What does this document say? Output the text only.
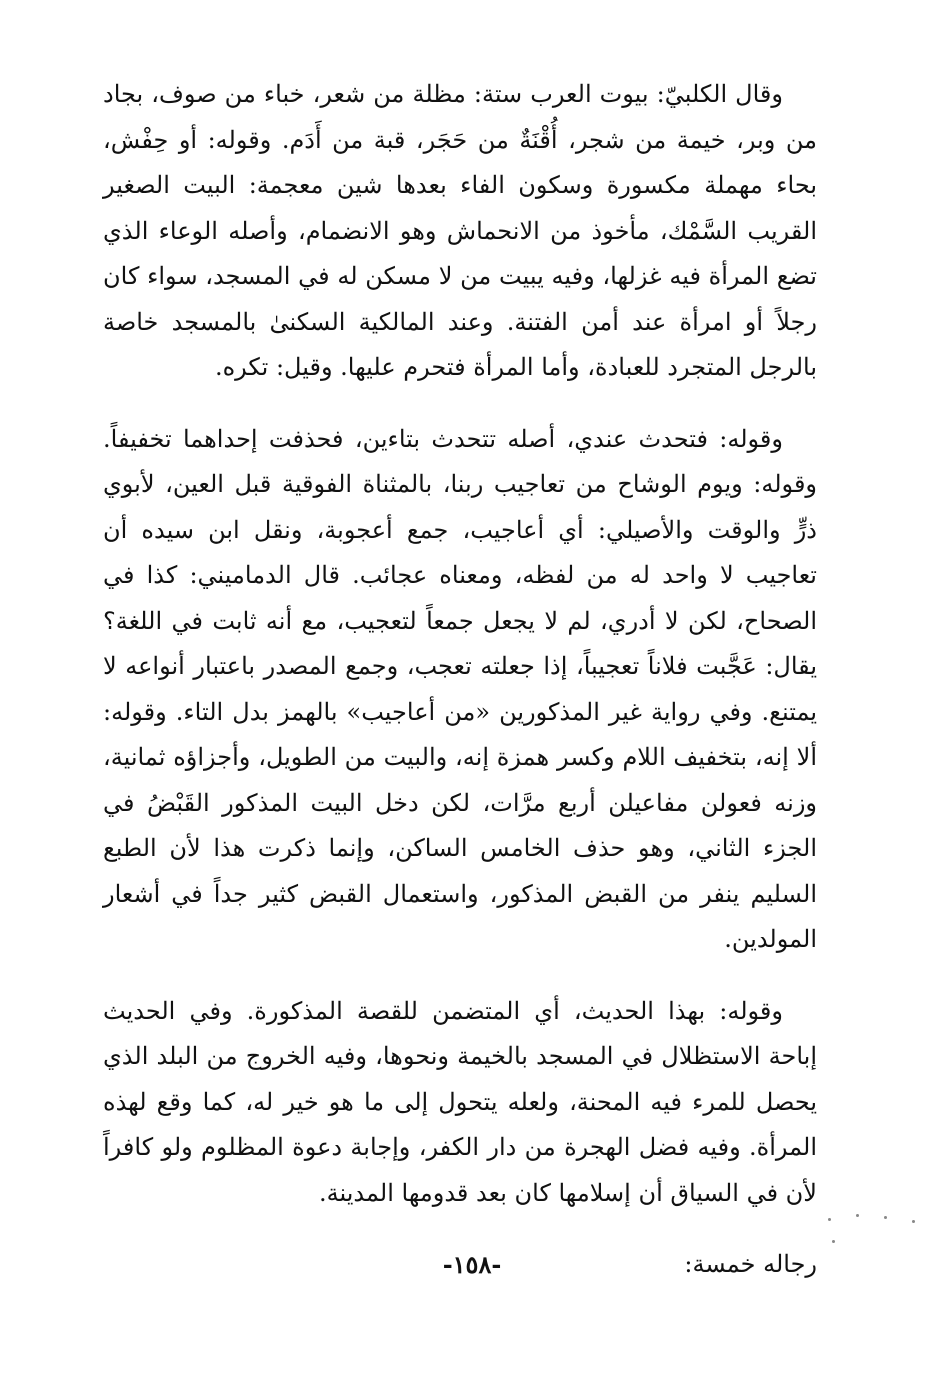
وقال الكلبيّ: بيوت العرب ستة: مظلة من شعر، خباء من صوف، بجاد من وبر، خيمة من شجر، أُقْنَةٌ من حَجَر، قبة من أَدَم. وقوله: أو حِفْش، بحاء مهملة مكسورة وسكون الفاء بعدها شين معجمة: البيت الصغير القريب السَّمْك، مأخوذ من الانحماش وهو الانضمام، وأصله الوعاء الذي تضع المرأة فيه غزلها، وفيه يبيت من لا مسكن له في المسجد، سواء كان رجلاً أو امرأة عند أمن الفتنة. وعند المالكية السكنىٰ بالمسجد خاصة بالرجل المتجرد للعبادة، وأما المرأة فتحرم عليها. وقيل: تكره.

وقوله: فتحدث عندي، أصله تتحدث بتاءين، فحذفت إحداهما تخفيفاً. وقوله: ويوم الوشاح من تعاجيب ربنا، بالمثناة الفوقية قبل العين، لأبوي ذرٍّ والوقت والأصيلي: أي أعاجيب، جمع أعجوبة، ونقل ابن سيده أن تعاجيب لا واحد له من لفظه، ومعناه عجائب. قال الدماميني: كذا في الصحاح، لكن لا أدري، لم لا يجعل جمعاً لتعجيب، مع أنه ثابت في اللغة؟ يقال: عَجَّبت فلاناً تعجيباً، إذا جعلته تعجب، وجمع المصدر باعتبار أنواعه لا يمتنع. وفي رواية غير المذكورين «من أعاجيب» بالهمز بدل التاء. وقوله: ألا إنه، بتخفيف اللام وكسر همزة إنه، والبيت من الطويل، وأجزاؤه ثمانية، وزنه فعولن مفاعيلن أربع مرَّات، لكن دخل البيت المذكور القَبْضُ في الجزء الثاني، وهو حذف الخامس الساكن، وإنما ذكرت هذا لأن الطبع السليم ينفر من القبض المذكور، واستعمال القبض كثير جداً في أشعار المولدين.

وقوله: بهذا الحديث، أي المتضمن للقصة المذكورة. وفي الحديث إباحة الاستظلال في المسجد بالخيمة ونحوها، وفيه الخروج من البلد الذي يحصل للمرء فيه المحنة، ولعله يتحول إلى ما هو خير له، كما وقع لهذه المرأة. وفيه فضل الهجرة من دار الكفر، وإجابة دعوة المظلوم ولو كافراً لأن في السياق أن إسلامها كان بعد قدومها المدينة.

رجاله خمسة:

-١٥٨-
